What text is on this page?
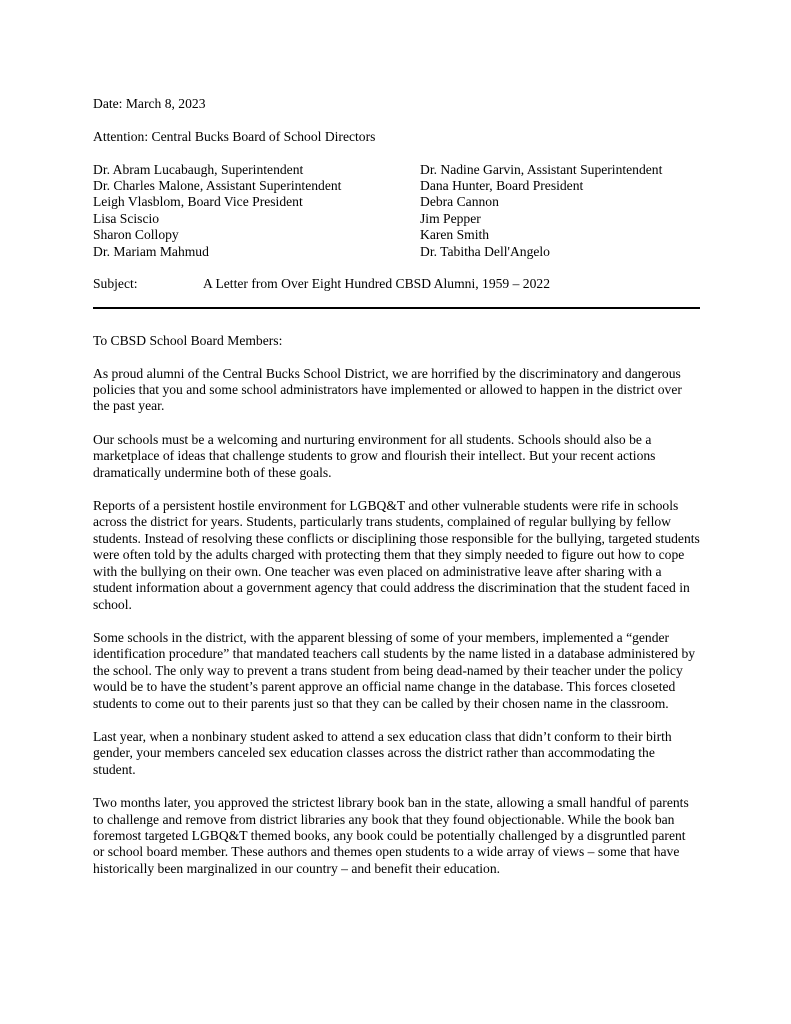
Date: March 8, 2023
Attention: Central Bucks Board of School Directors
Dr. Abram Lucabaugh, Superintendent
Dr. Charles Malone, Assistant Superintendent
Leigh Vlasblom, Board Vice President
Lisa Sciscio
Sharon Collopy
Dr. Mariam Mahmud
Dr. Nadine Garvin, Assistant Superintendent
Dana Hunter, Board President
Debra Cannon
Jim Pepper
Karen Smith
Dr. Tabitha Dell'Angelo
Subject:	A Letter from Over Eight Hundred CBSD Alumni, 1959 – 2022
To CBSD School Board Members:

As proud alumni of the Central Bucks School District, we are horrified by the discriminatory and dangerous policies that you and some school administrators have implemented or allowed to happen in the district over the past year.

Our schools must be a welcoming and nurturing environment for all students. Schools should also be a marketplace of ideas that challenge students to grow and flourish their intellect. But your recent actions dramatically undermine both of these goals.

Reports of a persistent hostile environment for LGBQ&T and other vulnerable students were rife in schools across the district for years. Students, particularly trans students, complained of regular bullying by fellow students. Instead of resolving these conflicts or disciplining those responsible for the bullying, targeted students were often told by the adults charged with protecting them that they simply needed to figure out how to cope with the bullying on their own. One teacher was even placed on administrative leave after sharing with a student information about a government agency that could address the discrimination that the student faced in school.

Some schools in the district, with the apparent blessing of some of your members, implemented a “gender identification procedure” that mandated teachers call students by the name listed in a database administered by the school. The only way to prevent a trans student from being dead-named by their teacher under the policy would be to have the student’s parent approve an official name change in the database. This forces closeted students to come out to their parents just so that they can be called by their chosen name in the classroom.

Last year, when a nonbinary student asked to attend a sex education class that didn’t conform to their birth gender, your members canceled sex education classes across the district rather than accommodating the student.

Two months later, you approved the strictest library book ban in the state, allowing a small handful of parents to challenge and remove from district libraries any book that they found objectionable. While the book ban foremost targeted LGBQ&T themed books, any book could be potentially challenged by a disgruntled parent or school board member. These authors and themes open students to a wide array of views – some that have historically been marginalized in our country – and benefit their education.
